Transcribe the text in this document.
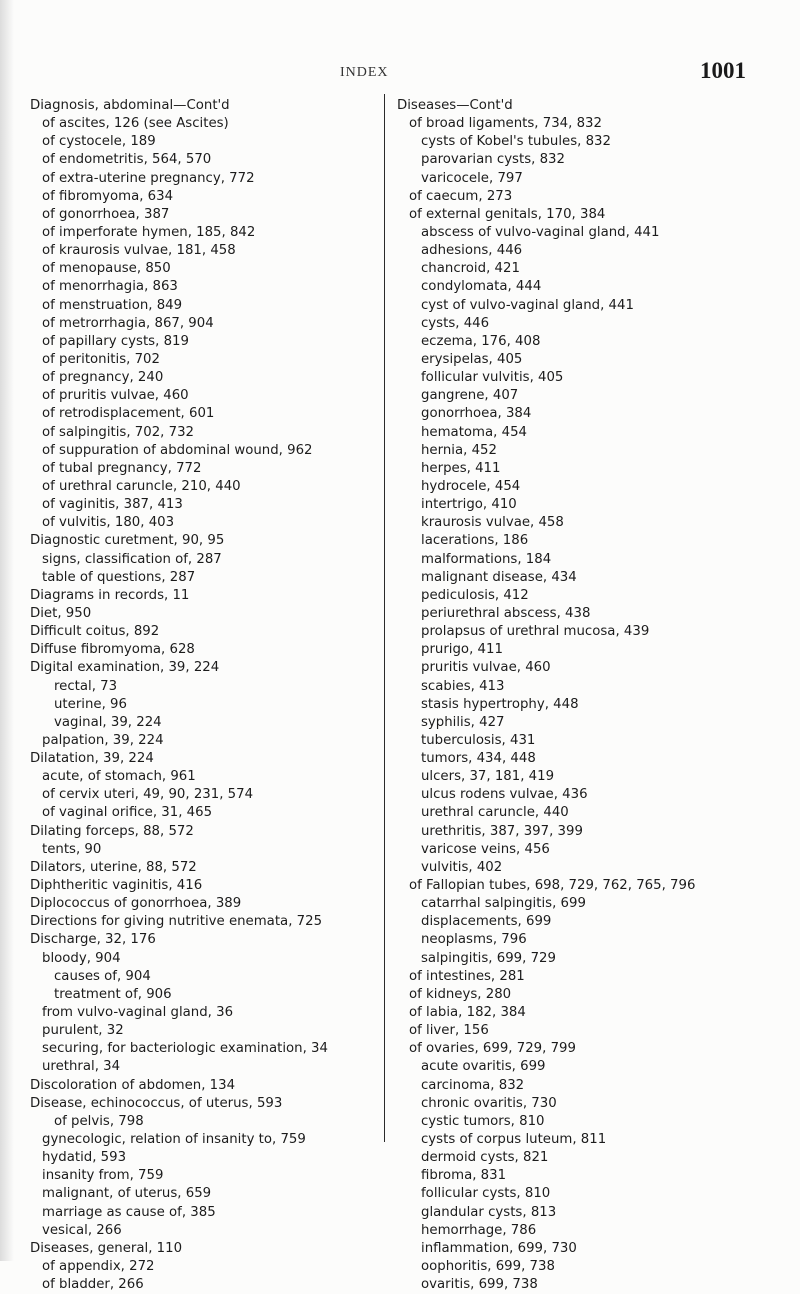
INDEX	1001
Diagnosis, abdominal—Cont'd
of ascites, 126 (see Ascites)
of cystocele, 189
of endometritis, 564, 570
of extra-uterine pregnancy, 772
of fibromyoma, 634
of gonorrhoea, 387
of imperforate hymen, 185, 842
of kraurosis vulvae, 181, 458
of menopause, 850
of menorrhagia, 863
of menstruation, 849
of metrorrhagia, 867, 904
of papillary cysts, 819
of peritonitis, 702
of pregnancy, 240
of pruritis vulvae, 460
of retrodisplacement, 601
of salpingitis, 702, 732
of suppuration of abdominal wound, 962
of tubal pregnancy, 772
of urethral caruncle, 210, 440
of vaginitis, 387, 413
of vulvitis, 180, 403
Diagnostic curetment, 90, 95
signs, classification of, 287
table of questions, 287
Diagrams in records, 11
Diet, 950
Difficult coitus, 892
Diffuse fibromyoma, 628
Digital examination, 39, 224
rectal, 73
uterine, 96
vaginal, 39, 224
palpation, 39, 224
Dilatation, 39, 224
acute, of stomach, 961
of cervix uteri, 49, 90, 231, 574
of vaginal orifice, 31, 465
Dilating forceps, 88, 572
tents, 90
Dilators, uterine, 88, 572
Diphtheritic vaginitis, 416
Diplococcus of gonorrhoea, 389
Directions for giving nutritive enemata, 725
Discharge, 32, 176
bloody, 904
causes of, 904
treatment of, 906
from vulvo-vaginal gland, 36
purulent, 32
securing, for bacteriologic examination, 34
urethral, 34
Discoloration of abdomen, 134
Disease, echinococcus, of uterus, 593
of pelvis, 798
gynecologic, relation of insanity to, 759
hydatid, 593
insanity from, 759
malignant, of uterus, 659
marriage as cause of, 385
vesical, 266
Diseases, general, 110
of appendix, 272
of bladder, 266
Diseases—Cont'd
of broad ligaments, 734, 832
cysts of Kobel's tubules, 832
parovarian cysts, 832
varicocele, 797
of caecum, 273
of external genitals, 170, 384
abscess of vulvo-vaginal gland, 441
adhesions, 446
chancroid, 421
condylomata, 444
cyst of vulvo-vaginal gland, 441
cysts, 446
eczema, 176, 408
erysipelas, 405
follicular vulvitis, 405
gangrene, 407
gonorrhoea, 384
hematoma, 454
hernia, 452
herpes, 411
hydrocele, 454
intertrigo, 410
kraurosis vulvae, 458
lacerations, 186
malformations, 184
malignant disease, 434
pediculosis, 412
periurethral abscess, 438
prolapsus of urethral mucosa, 439
prurigo, 411
pruritis vulvae, 460
scabies, 413
stasis hypertrophy, 448
syphilis, 427
tuberculosis, 431
tumors, 434, 448
ulcers, 37, 181, 419
ulcus rodens vulvae, 436
urethral caruncle, 440
urethritis, 387, 397, 399
varicose veins, 456
vulvitis, 402
of Fallopian tubes, 698, 729, 762, 765, 796
catarrhal salpingitis, 699
displacements, 699
neoplasms, 796
salpingitis, 699, 729
of intestines, 281
of kidneys, 280
of labia, 182, 384
of liver, 156
of ovaries, 699, 729, 799
acute ovaritis, 699
carcinoma, 832
chronic ovaritis, 730
cystic tumors, 810
cysts of corpus luteum, 811
dermoid cysts, 821
fibroma, 831
follicular cysts, 810
glandular cysts, 813
hemorrhage, 786
inflammation, 699, 730
oophoritis, 699, 738
ovaritis, 699, 738
